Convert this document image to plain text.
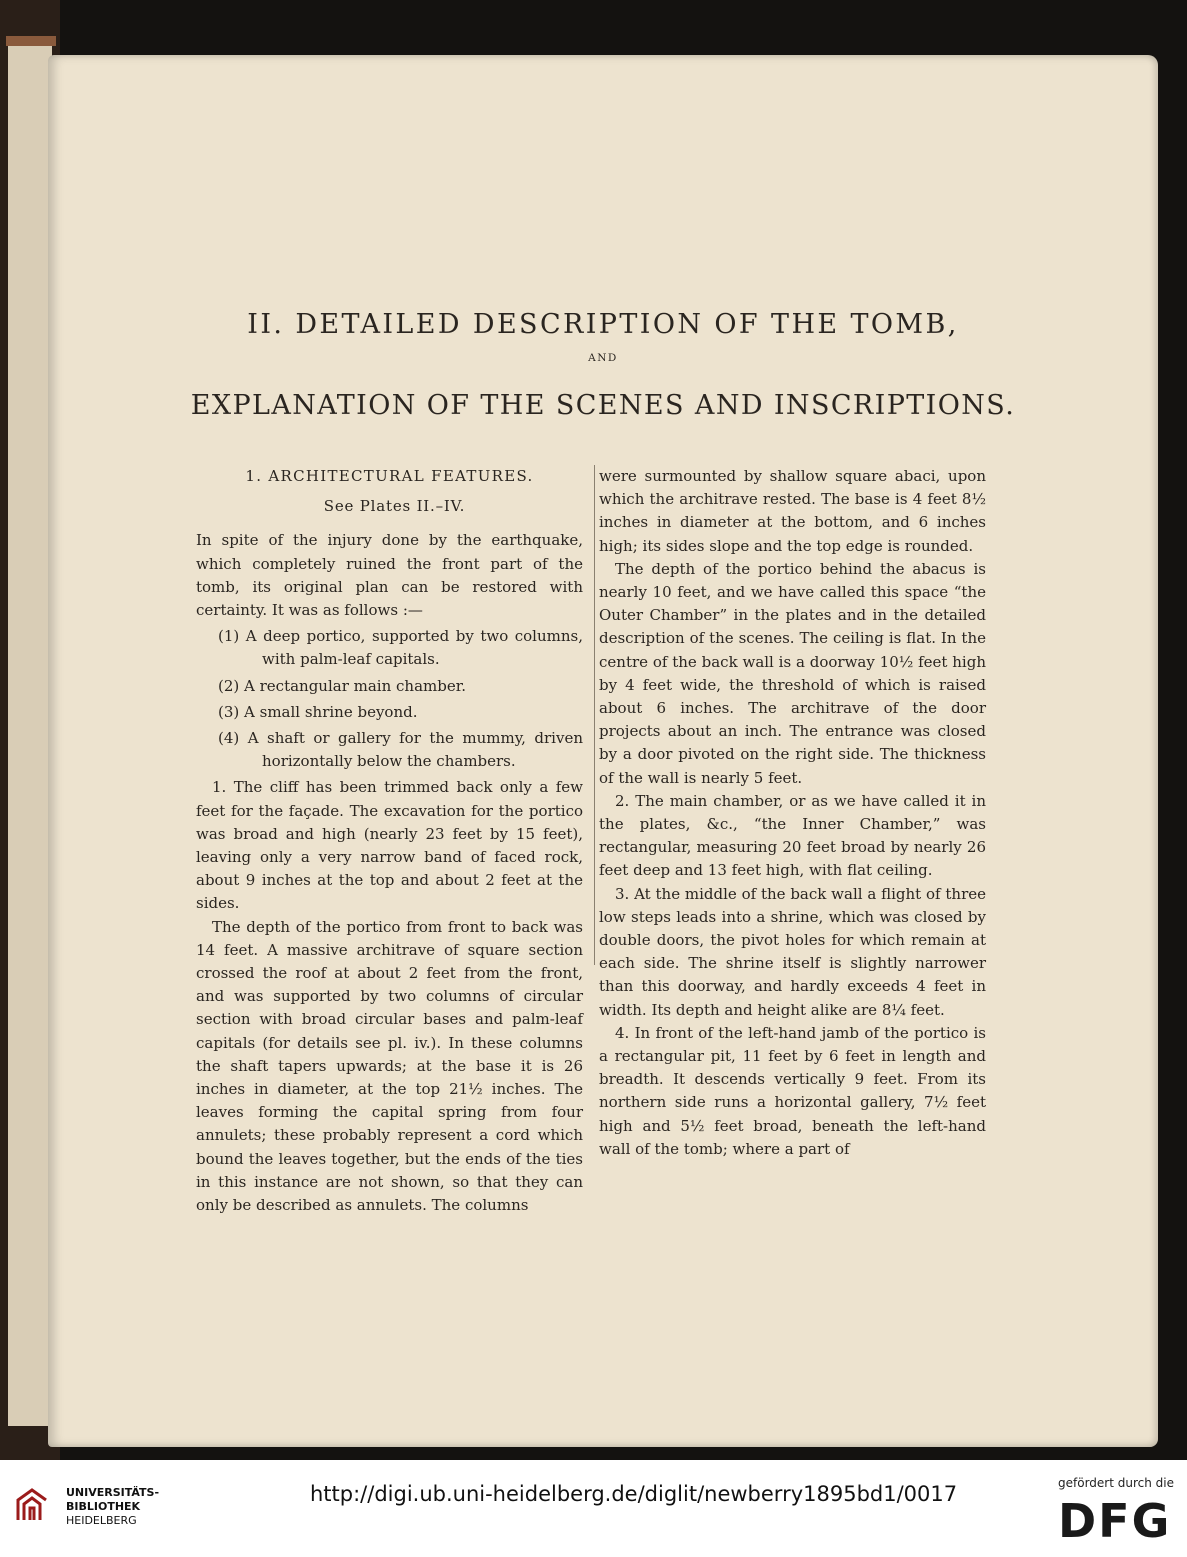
II. DETAILED DESCRIPTION OF THE TOMB,
AND
EXPLANATION OF THE SCENES AND INSCRIPTIONS.
1. ARCHITECTURAL FEATURES.
See Plates II.–IV.

In spite of the injury done by the earthquake, which completely ruined the front part of the tomb, its original plan can be restored with certainty. It was as follows :—

(1) A deep portico, supported by two columns, with palm-leaf capitals.
(2) A rectangular main chamber.
(3) A small shrine beyond.
(4) A shaft or gallery for the mummy, driven horizontally below the chambers.

1. The cliff has been trimmed back only a few feet for the façade. The excavation for the portico was broad and high (nearly 23 feet by 15 feet), leaving only a very narrow band of faced rock, about 9 inches at the top and about 2 feet at the sides.

The depth of the portico from front to back was 14 feet. A massive architrave of square section crossed the roof at about 2 feet from the front, and was supported by two columns of circular section with broad circular bases and palm-leaf capitals (for details see pl. iv.). In these columns the shaft tapers upwards; at the base it is 26 inches in diameter, at the top 21½ inches. The leaves forming the capital spring from four annulets; these probably represent a cord which bound the leaves together, but the ends of the ties in this instance are not shown, so that they can only be described as annulets. The columns

were surmounted by shallow square abaci, upon which the architrave rested. The base is 4 feet 8½ inches in diameter at the bottom, and 6 inches high; its sides slope and the top edge is rounded.

The depth of the portico behind the abacus is nearly 10 feet, and we have called this space “the Outer Chamber” in the plates and in the detailed description of the scenes. The ceiling is flat. In the centre of the back wall is a doorway 10½ feet high by 4 feet wide, the threshold of which is raised about 6 inches. The architrave of the door projects about an inch. The entrance was closed by a door pivoted on the right side. The thickness of the wall is nearly 5 feet.

2. The main chamber, or as we have called it in the plates, &c., “the Inner Chamber,” was rectangular, measuring 20 feet broad by nearly 26 feet deep and 13 feet high, with flat ceiling.

3. At the middle of the back wall a flight of three low steps leads into a shrine, which was closed by double doors, the pivot holes for which remain at each side. The shrine itself is slightly narrower than this doorway, and hardly exceeds 4 feet in width. Its depth and height alike are 8¼ feet.

4. In front of the left-hand jamb of the portico is a rectangular pit, 11 feet by 6 feet in length and breadth. It descends vertically 9 feet. From its northern side runs a horizontal gallery, 7½ feet high and 5½ feet broad, beneath the left-hand wall of the tomb; where a part of

UNIVERSITÄTS-
BIBLIOTHEK
HEIDELBERG
http://digi.ub.uni-heidelberg.de/diglit/newberry1895bd1/0017	gefördert durch die
DFG
